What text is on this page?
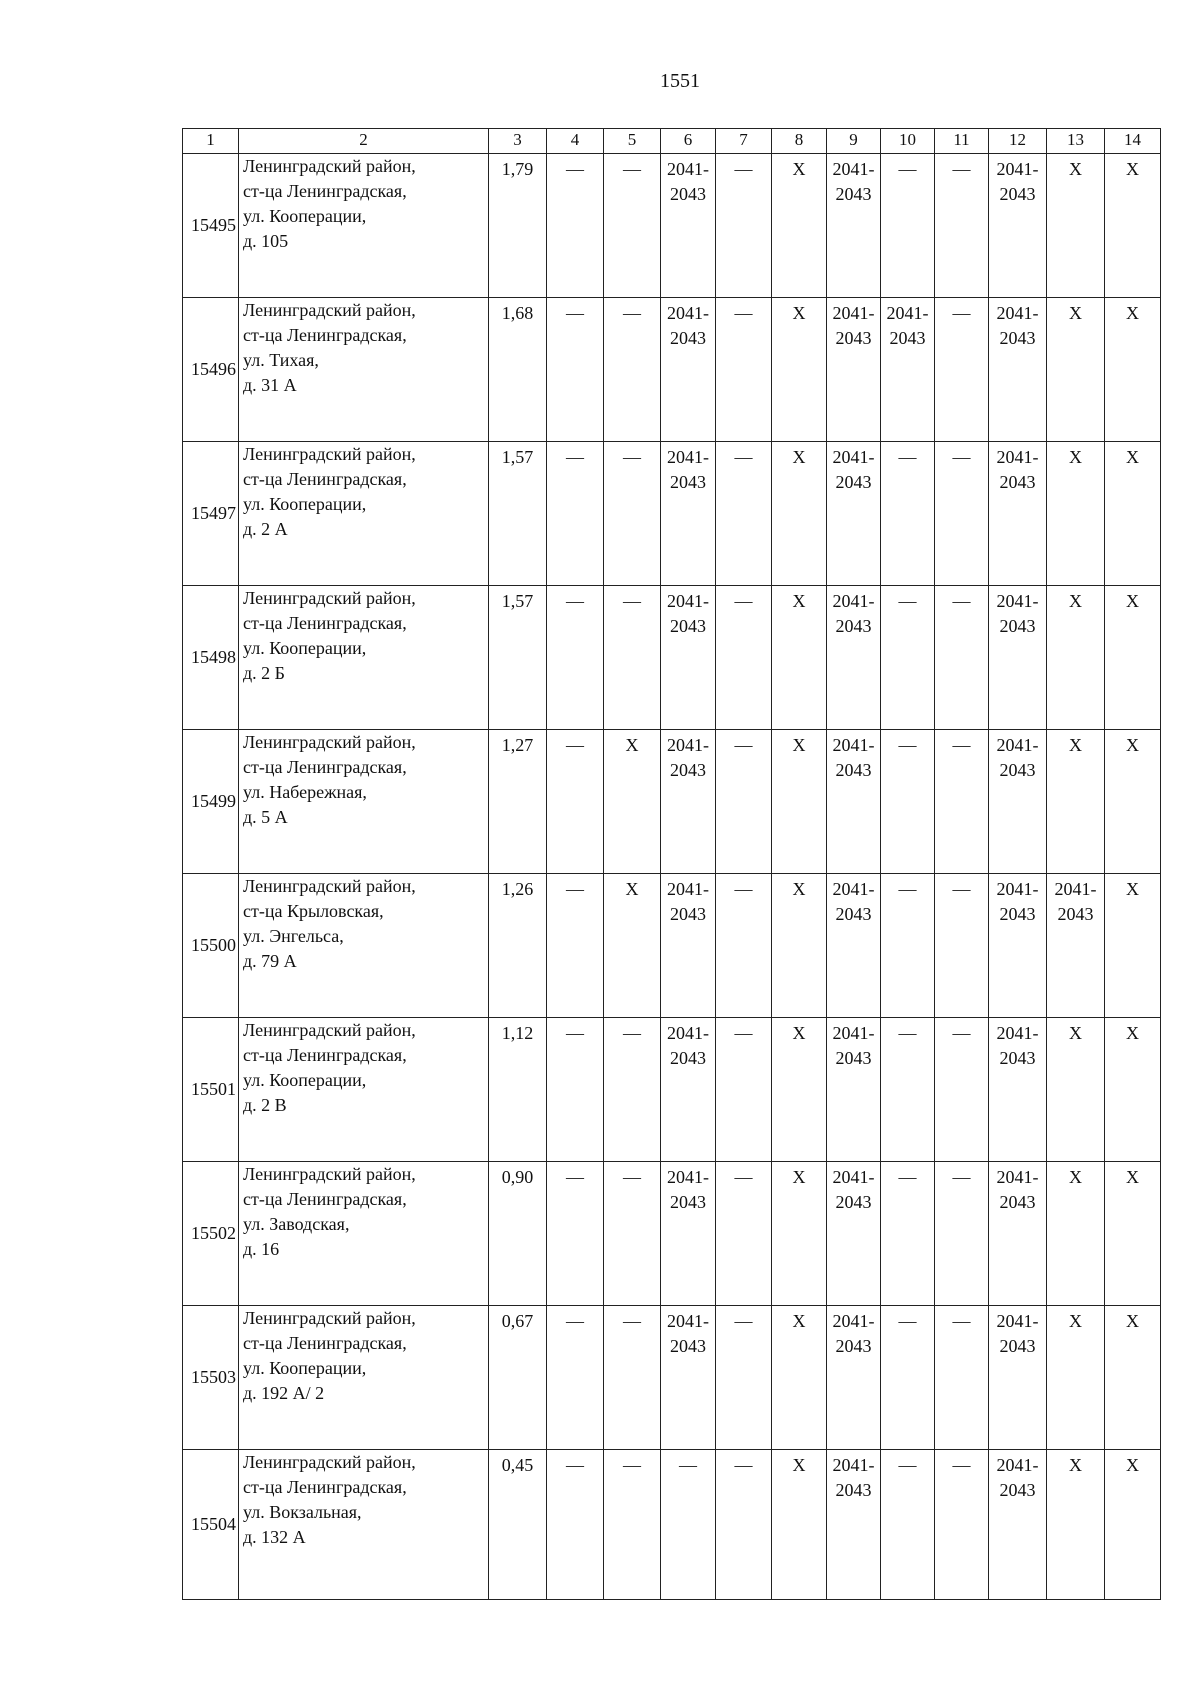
1551
1	2	3	4	5	6	7	8	9	10	11	12	13	14
15495	Ленинградский район,
ст-ца Ленинградская,
ул. Кооперации,
д. 105	1,79	—	—	2041-
2043	—	Х	2041-
2043	—	—	2041-
2043	Х	Х
15496	Ленинградский район,
ст-ца Ленинградская,
ул. Тихая,
д. 31 А	1,68	—	—	2041-
2043	—	Х	2041-
2043	2041-
2043	—	2041-
2043	Х	Х
15497	Ленинградский район,
ст-ца Ленинградская,
ул. Кооперации,
д. 2 А	1,57	—	—	2041-
2043	—	Х	2041-
2043	—	—	2041-
2043	Х	Х
15498	Ленинградский район,
ст-ца Ленинградская,
ул. Кооперации,
д. 2 Б	1,57	—	—	2041-
2043	—	Х	2041-
2043	—	—	2041-
2043	Х	Х
15499	Ленинградский район,
ст-ца Ленинградская,
ул. Набережная,
д. 5 А	1,27	—	Х	2041-
2043	—	Х	2041-
2043	—	—	2041-
2043	Х	Х
15500	Ленинградский район,
ст-ца Крыловская,
ул. Энгельса,
д. 79 А	1,26	—	Х	2041-
2043	—	Х	2041-
2043	—	—	2041-
2043	2041-
2043	Х
15501	Ленинградский район,
ст-ца Ленинградская,
ул. Кооперации,
д. 2 В	1,12	—	—	2041-
2043	—	Х	2041-
2043	—	—	2041-
2043	Х	Х
15502	Ленинградский район,
ст-ца Ленинградская,
ул. Заводская,
д. 16	0,90	—	—	2041-
2043	—	Х	2041-
2043	—	—	2041-
2043	Х	Х
15503	Ленинградский район,
ст-ца Ленинградская,
ул. Кооперации,
д. 192 А/ 2	0,67	—	—	2041-
2043	—	Х	2041-
2043	—	—	2041-
2043	Х	Х
15504	Ленинградский район,
ст-ца Ленинградская,
ул. Вокзальная,
д. 132 А	0,45	—	—	—	—	Х	2041-
2043	—	—	2041-
2043	Х	Х
